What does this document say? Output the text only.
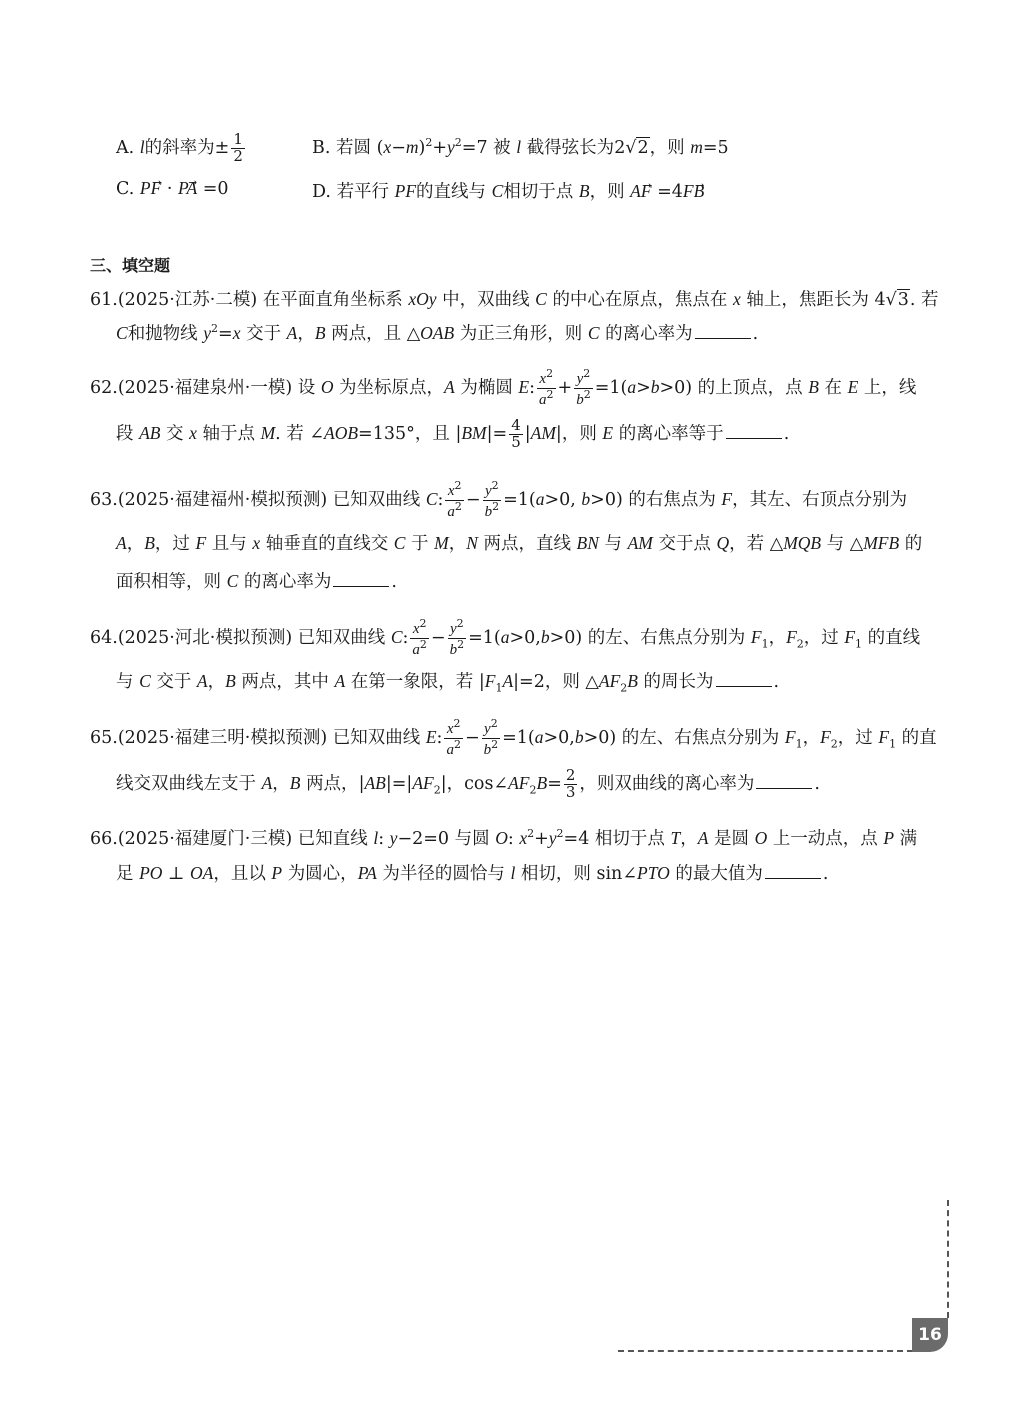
A. l的斜率为± $\frac{1}{2}$	B. 若圆 $(x-m)^2+y^2=7$ 被 l 截得弦长为2√2，则 m=5
C. PF⃗ · PA⃗ =0	D. 若平行 PF的直线与 C相切于点 B，则 AF⃗ =4FB
三、填空题
61.(2025·江苏·二模) 在平面直角坐标系 xOy 中，双曲线 C 的中心在原点，焦点在 x 轴上，焦距长为 4√3. 若
C和抛物线 $y^2=x$ 交于 A，B 两点，且 △OAB 为正三角形，则 C 的离心率为	.
62.(2025·福建泉州·一模) 设 O 为坐标原点，A 为椭圆 E: $\frac{x^2}{a^2} + \frac{y^2}{b^2} =1(a>b>0)$ 的上顶点，点 B 在 E 上，线
段 AB 交 x 轴于点 M. 若 ∠AOB=135°，且 $|BM|= \frac{4}{5} |AM|$，则 E 的离心率等于	.
63.(2025·福建福州·模拟预测) 已知双曲线 C: $\frac{x^2}{a^2} - \frac{y^2}{b^2} =1(a>0$, b>0) 的右焦点为 F，其左、右顶点分别为
A，B，过 F 且与 x 轴垂直的直线交 C 于 M，N 两点，直线 BN 与 AM 交于点 Q，若 △MQB 与 △MFB 的
面积相等，则 C 的离心率为	.
64.(2025·河北·模拟预测) 已知双曲线 C: $\frac{x^2}{a^2} - \frac{y^2}{b^2} =1(a>0,b>0)$ 的左、右焦点分别为 $F_1$，$F_2$，过 $F_1$ 的直线
与 C 交于 A，B 两点，其中 A 在第一象限，若 $|F_1A|=2$，则 $\triangle AF_2B$ 的周长为	.
65.(2025·福建三明·模拟预测) 已知双曲线 E: $\frac{x^2}{a^2} - \frac{y^2}{b^2} =1(a>0,b>0)$ 的左、右焦点分别为 $F_1$，$F_2$，过 $F_1$ 的直
线交双曲线左支于 A，B 两点，$|AB|=|AF_2|$，$\cos\angle AF_2B= \frac{2}{3}$ ，则双曲线的离心率为	.
66.(2025·福建厦门·三模) 已知直线 l: y−2=0 与圆 O: $x^2+y^2=4$ 相切于点 T，A 是圆 O 上一动点，点 P 满
足 PO ⊥ OA，且以 P 为圆心，PA 为半径的圆恰与 l 相切，则 sin∠PTO 的最大值为	.
16
